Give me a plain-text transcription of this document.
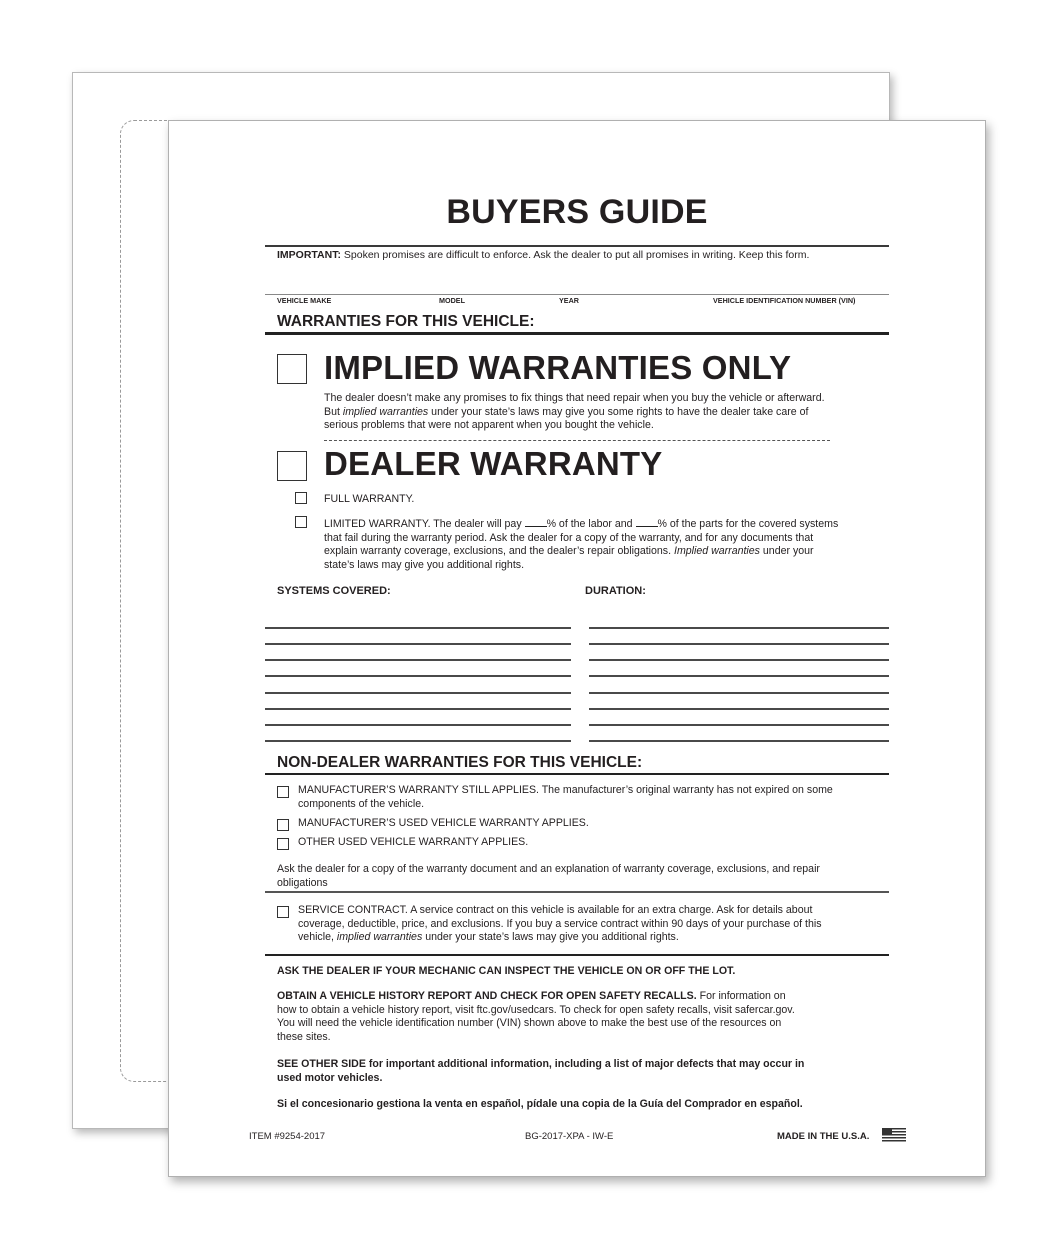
BUYERS GUIDE
IMPORTANT: Spoken promises are difficult to enforce. Ask the dealer to put all promises in writing. Keep this form.
VEHICLE MAKE	MODEL	YEAR	VEHICLE IDENTIFICATION NUMBER (VIN)
WARRANTIES FOR THIS VEHICLE:
IMPLIED WARRANTIES ONLY
The dealer doesn’t make any promises to fix things that need repair when you buy the vehicle or afterward.
But implied warranties under your state’s laws may give you some rights to have the dealer take care of
serious problems that were not apparent when you bought the vehicle.
DEALER WARRANTY
FULL WARRANTY.
LIMITED WARRANTY. The dealer will pay % of the labor and % of the parts for the covered systems
that fail during the warranty period. Ask the dealer for a copy of the warranty, and for any documents that
explain warranty coverage, exclusions, and the dealer’s repair obligations. Implied warranties under your
state’s laws may give you additional rights.
SYSTEMS COVERED:	DURATION:
NON-DEALER WARRANTIES FOR THIS VEHICLE:
MANUFACTURER’S WARRANTY STILL APPLIES. The manufacturer’s original warranty has not expired on some
components of the vehicle.
MANUFACTURER’S USED VEHICLE WARRANTY APPLIES.
OTHER USED VEHICLE WARRANTY APPLIES.
Ask the dealer for a copy of the warranty document and an explanation of warranty coverage, exclusions, and repair
obligations
SERVICE CONTRACT. A service contract on this vehicle is available for an extra charge. Ask for details about
coverage, deductible, price, and exclusions. If you buy a service contract within 90 days of your purchase of this
vehicle, implied warranties under your state’s laws may give you additional rights.
ASK THE DEALER IF YOUR MECHANIC CAN INSPECT THE VEHICLE ON OR OFF THE LOT.
OBTAIN A VEHICLE HISTORY REPORT AND CHECK FOR OPEN SAFETY RECALLS. For information on
how to obtain a vehicle history report, visit ftc.gov/usedcars. To check for open safety recalls, visit safercar.gov.
You will need the vehicle identification number (VIN) shown above to make the best use of the resources on
these sites.
SEE OTHER SIDE for important additional information, including a list of major defects that may occur in
used motor vehicles.
Si el concesionario gestiona la venta en español, pídale una copia de la Guía del Comprador en español.
ITEM #9254-2017	BG-2017-XPA - IW-E	MADE IN THE U.S.A.
